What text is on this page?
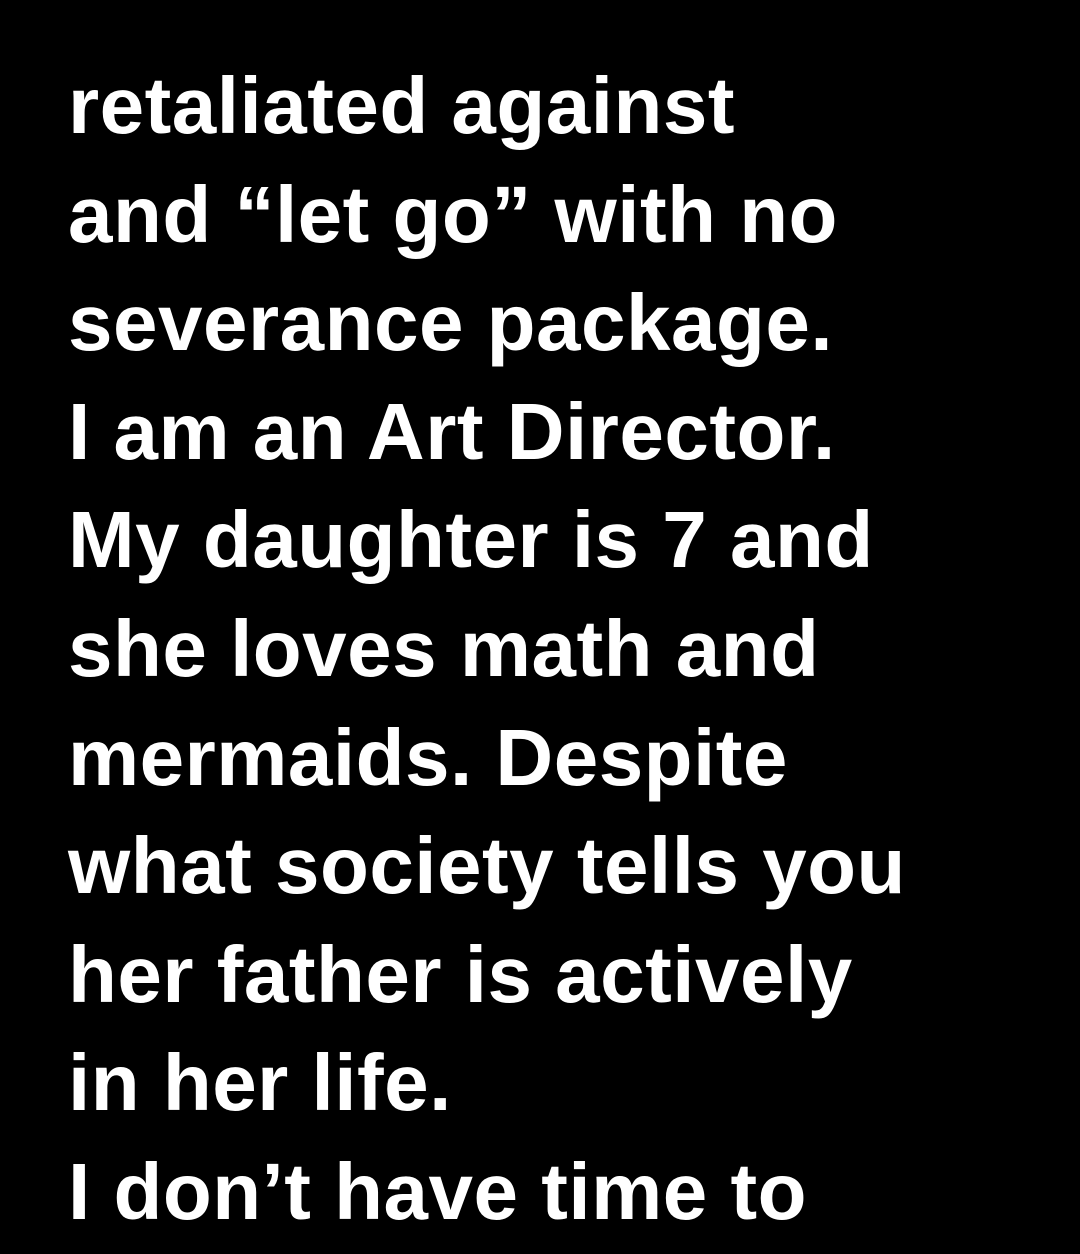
retaliated against
and “let go” with no
severance package.
I am an Art Director.
My daughter is 7 and
she loves math and
mermaids. Despite
what society tells you
her father is actively
in her life.
I don’t have time to
